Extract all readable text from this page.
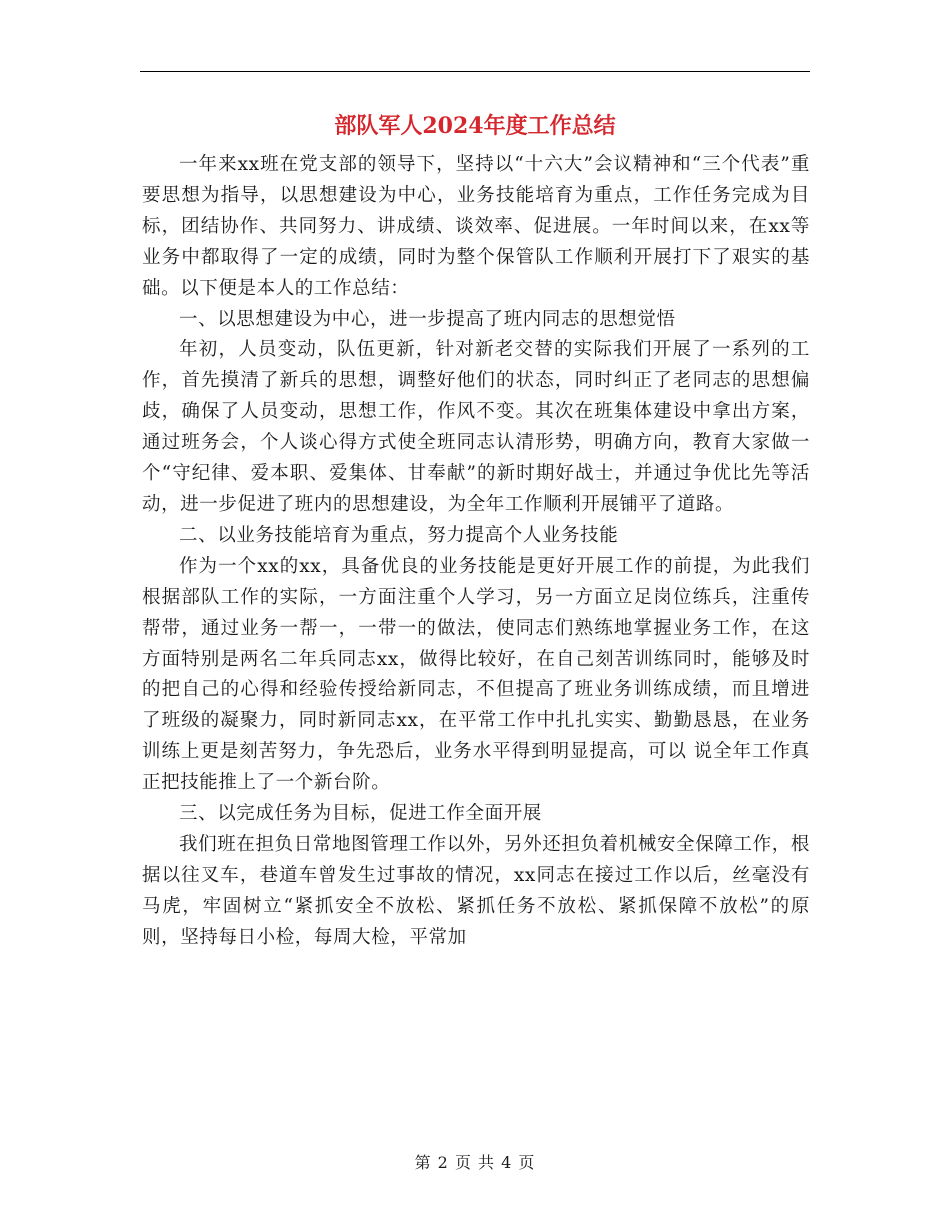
部队军人2024年度工作总结

一年来xx班在党支部的领导下，坚持以“十六大”会议精神和“三个代表”重要思想为指导，以思想建设为中心，业务技能培育为重点，工作任务完成为目标，团结协作、共同努力、讲成绩、谈效率、促进展。一年时间以来，在xx等业务中都取得了一定的成绩，同时为整个保管队工作顺利开展打下了艰实的基础。以下便是本人的工作总结：

一、以思想建设为中心，进一步提高了班内同志的思想觉悟

年初，人员变动，队伍更新，针对新老交替的实际我们开展了一系列的工作，首先摸清了新兵的思想，调整好他们的状态，同时纠正了老同志的思想偏歧，确保了人员变动，思想工作，作风不变。其次在班集体建设中拿出方案，通过班务会，个人谈心得方式使全班同志认清形势，明确方向，教育大家做一个“守纪律、爱本职、爱集体、甘奉献”的新时期好战士，并通过争优比先等活动，进一步促进了班内的思想建设，为全年工作顺利开展铺平了道路。

二、以业务技能培育为重点，努力提高个人业务技能

作为一个xx的xx，具备优良的业务技能是更好开展工作的前提，为此我们根据部队工作的实际，一方面注重个人学习，另一方面立足岗位练兵，注重传帮带，通过业务一帮一，一带一的做法，使同志们熟练地掌握业务工作，在这方面特别是两名二年兵同志xx，做得比较好，在自己刻苦训练同时，能够及时的把自己的心得和经验传授给新同志，不但提高了班业务训练成绩，而且增进了班级的凝聚力，同时新同志xx，在平常工作中扎扎实实、勤勤恳恳，在业务训练上更是刻苦努力，争先恐后，业务水平得到明显提高，可以 说全年工作真正把技能推上了一个新台阶。

三、以完成任务为目标，促进工作全面开展

我们班在担负日常地图管理工作以外，另外还担负着机械安全保障工作，根据以往叉车，巷道车曾发生过事故的情况，xx同志在接过工作以后，丝毫没有马虎，牢固树立“紧抓安全不放松、紧抓任务不放松、紧抓保障不放松”的原则，坚持每日小检，每周大检，平常加

第 2 页 共 4 页
